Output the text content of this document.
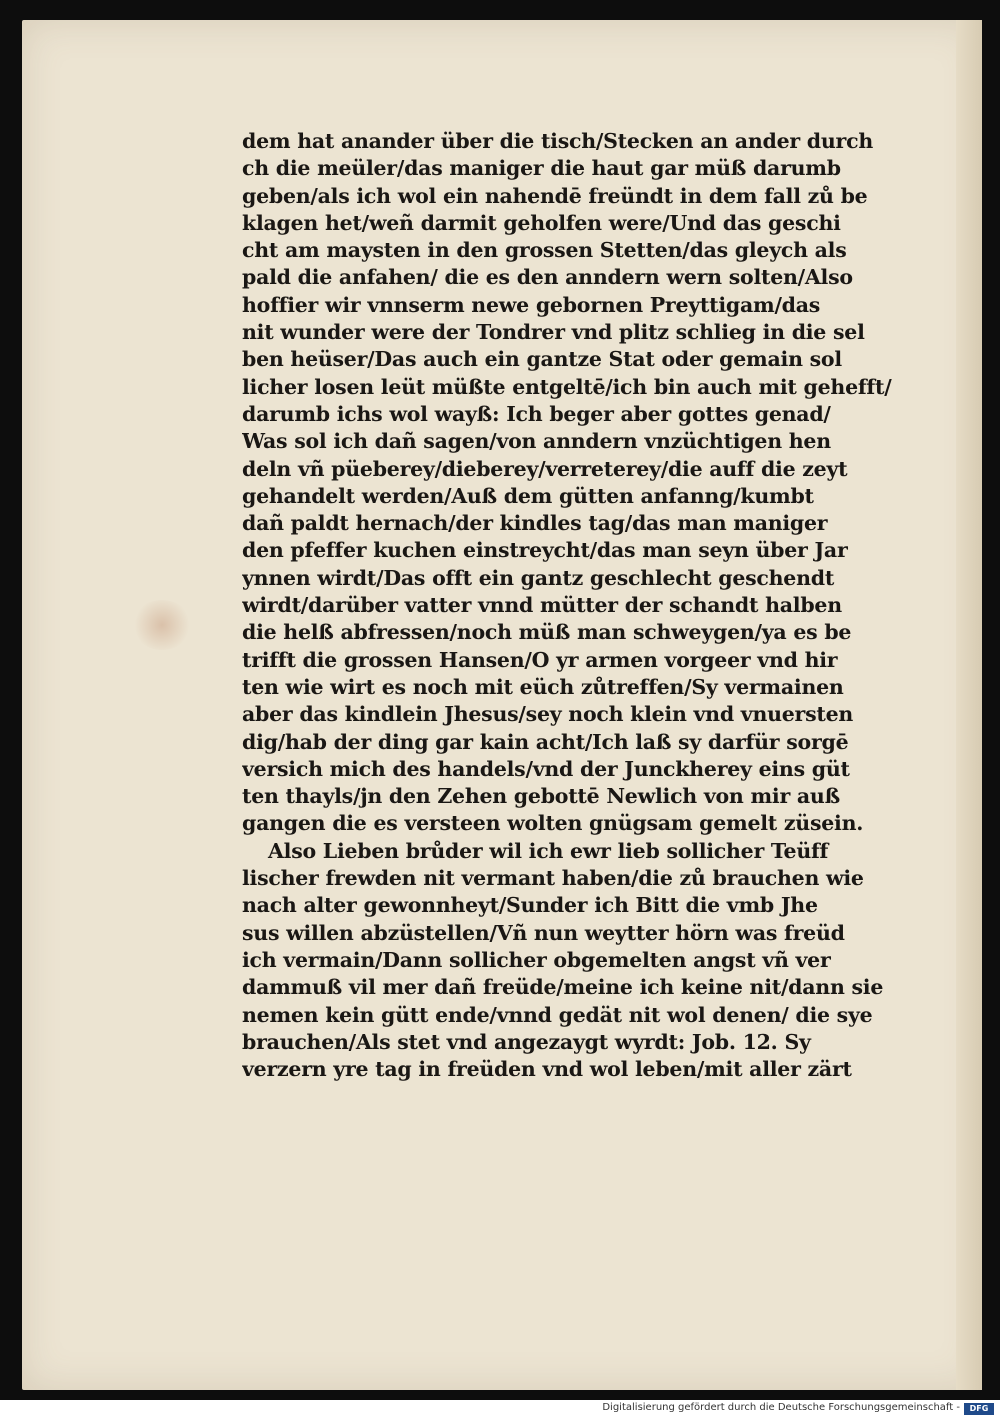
dem hat anander über die tisch/Stecken an ander durch
ch die meüler/das maniger die haut gar müß darumb
geben/als ich wol ein nahendē freündt in dem fall zů be
klagen het/weñ darmit geholfen were/Und das geschi
cht am maysten in den grossen Stetten/das gleych als
pald die anfahen/ die es den anndern wern solten/Also
hoffier wir vnnserm newe gebornen Preyttigam/das
nit wunder were der Tondrer vnd plitz schlieg in die sel
ben heüser/Das auch ein gantze Stat oder gemain sol
licher losen leüt müßte entgeltē/ich bin auch mit gehefft/
darumb ichs wol wayß: Ich beger aber gottes genad/
Was sol ich dañ sagen/von anndern vnzüchtigen hen
deln vñ püeberey/dieberey/verreterey/die auff die zeyt
gehandelt werden/Auß dem gütten anfanng/kumbt
dañ paldt hernach/der kindles tag/das man maniger
den pfeffer kuchen einstreycht/das man seyn über Jar
ynnen wirdt/Das offt ein gantz geschlecht geschendt
wirdt/darüber vatter vnnd mütter der schandt halben
die helß abfressen/noch müß man schweygen/ya es be
trifft die grossen Hansen/O yr armen vorgeer vnd hir
ten wie wirt es noch mit eüch zůtreffen/Sy vermainen
aber das kindlein Jhesus/sey noch klein vnd vnuersten
dig/hab der ding gar kain acht/Ich laß sy darfür sorgē
versich mich des handels/vnd der Junckherey eins güt
ten thayls/jn den Zehen gebottē Newlich von mir auß
gangen die es versteen wolten gnügsam gemelt züsein.
Also Lieben brůder wil ich ewr lieb sollicher Teüff
lischer frewden nit vermant haben/die zů brauchen wie
nach alter gewonnheyt/Sunder ich Bitt die vmb Jhe
sus willen abzüstellen/Vñ nun weytter hörn was freüd
ich vermain/Dann sollicher obgemelten angst vñ ver
dammuß vil mer dañ freüde/meine ich keine nit/dann sie
nemen kein gütt ende/vnnd gedät nit wol denen/ die sye
brauchen/Als stet vnd angezaygt wyrdt: Job. 12. Sy
verzern yre tag in freüden vnd wol leben/mit aller zärt
Digitalisierung gefördert durch die Deutsche Forschungsgemeinschaft -	DFG
